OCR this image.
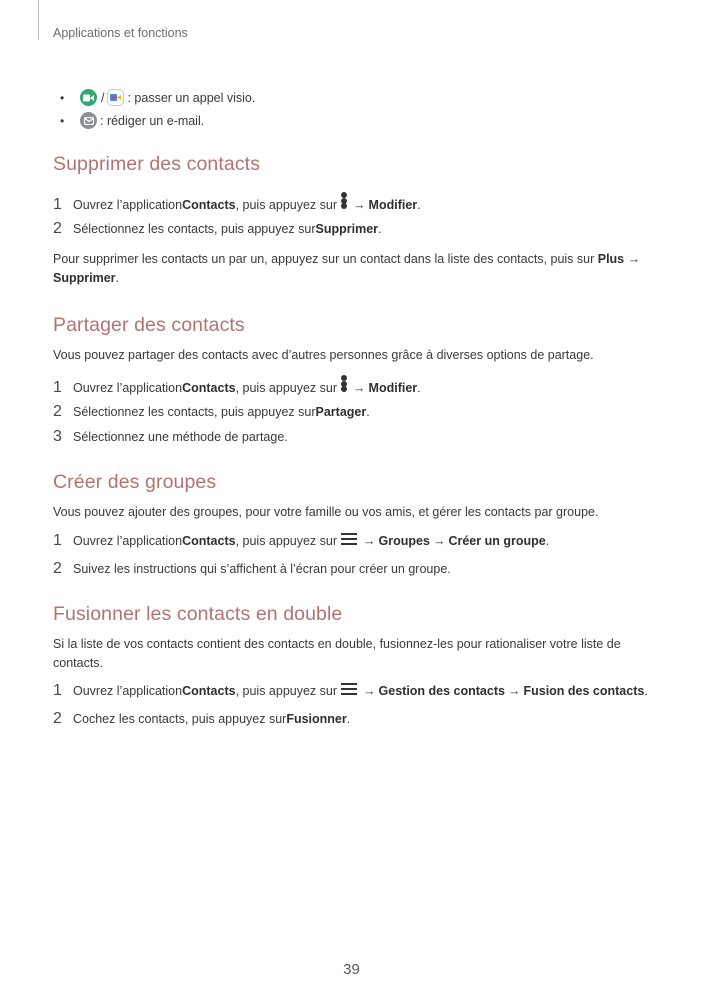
Applications et fonctions
•	/ : passer un appel visio.
•	: rédiger un e-mail.
Supprimer des contacts
1 Ouvrez l’application Contacts , puis appuyez sur → Modifier .
2 Sélectionnez les contacts, puis appuyez sur Supprimer .
Pour supprimer les contacts un par un, appuyez sur un contact dans la liste des contacts, puis sur Plus → Supprimer.
Partager des contacts
Vous pouvez partager des contacts avec d’autres personnes grâce à diverses options de partage.
1 Ouvrez l’application Contacts , puis appuyez sur → Modifier .
2 Sélectionnez les contacts, puis appuyez sur Partager .
3 Sélectionnez une méthode de partage.
Créer des groupes
Vous pouvez ajouter des groupes, pour votre famille ou vos amis, et gérer les contacts par groupe.
1 Ouvrez l’application Contacts , puis appuyez sur → Groupes → Créer un groupe .
2 Suivez les instructions qui s’affichent à l’écran pour créer un groupe.
Fusionner les contacts en double
Si la liste de vos contacts contient des contacts en double, fusionnez-les pour rationaliser votre liste de contacts.
1 Ouvrez l’application Contacts , puis appuyez sur → Gestion des contacts → Fusion des contacts .
2 Cochez les contacts, puis appuyez sur Fusionner .
39
